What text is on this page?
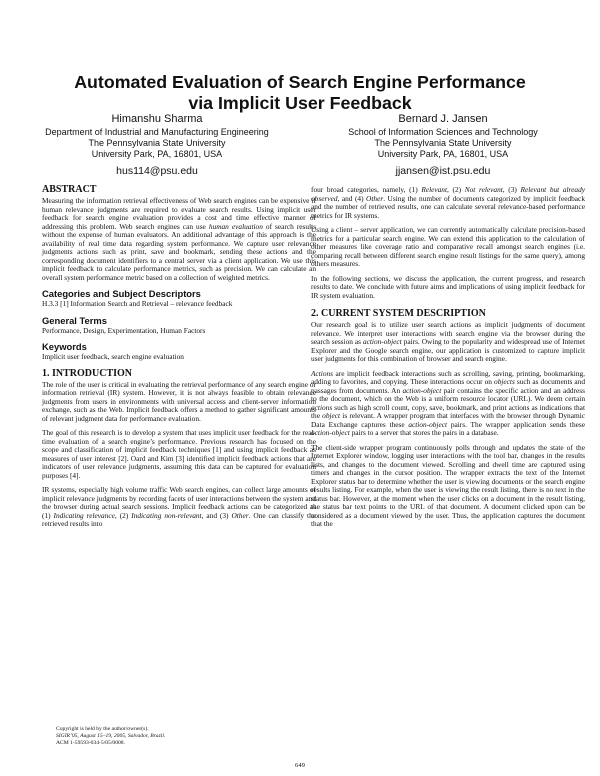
Automated Evaluation of Search Engine Performance
via Implicit User Feedback
Himanshu Sharma
Department of Industrial and Manufacturing Engineering
The Pennsylvania State University
University Park, PA, 16801, USA
hus114@psu.edu
Bernard J. Jansen
School of Information Sciences and Technology
The Pennsylvania State University
University Park, PA, 16801, USA
jjansen@ist.psu.edu
ABSTRACT

Measuring the information retrieval effectiveness of Web search engines can be expensive if human relevance judgments are required to evaluate search results. Using implicit user feedback for search engine evaluation provides a cost and time effective manner of addressing this problem. Web search engines can use human evaluation of search results without the expense of human evaluators. An additional advantage of this approach is the availability of real time data regarding system performance. We capture user relevance judgments actions such as print, save and bookmark, sending these actions and the corresponding document identifiers to a central server via a client application. We use this implicit feedback to calculate performance metrics, such as precision. We can calculate an overall system performance metric based on a collection of weighted metrics.

Categories and Subject Descriptors

H.3.3 [1] Information Search and Retrieval – relevance feedback

General Terms

Performance, Design, Experimentation, Human Factors

Keywords

Implicit user feedback, search engine evaluation

1. INTRODUCTION

The role of the user is critical in evaluating the retrieval performance of any search engine or information retrieval (IR) system. However, it is not always feasible to obtain relevance judgments from users in environments with universal access and client-server information exchange, such as the Web. Implicit feedback offers a method to gather significant amounts of relevant judgment data for performance evaluation.

The goal of this research is to develop a system that uses implicit user feedback for the real-time evaluation of a search engine’s performance. Previous research has focused on the scope and classification of implicit feedback techniques [1] and using implicit feedback as measures of user interest [2]. Oard and Kim [3] identified implicit feedback actions that are indicators of user relevance judgments, assuming this data can be captured for evaluation purposes [4].

IR systems, especially high volume traffic Web search engines, can collect large amounts of implicit relevance judgments by recording facets of user interactions between the system and the browser during actual search sessions. Implicit feedback actions can be categorized as (1) Indicating relevance, (2) Indicating non-relevant, and (3) Other. One can classify the retrieved results into

four broad categories, namely, (1) Relevant, (2) Not relevant, (3) Relevant but already observed, and (4) Other. Using the number of documents categorized by implicit feedback and the number of retrieved results, one can calculate several relevance-based performance metrics for IR systems.

Using a client – server application, we can currently automatically calculate precision-based metrics for a particular search engine. We can extend this application to the calculation of other measures like coverage ratio and comparative recall amongst search engines (i.e. comparing recall between different search engine result listings for the same query), among others measures.

In the following sections, we discuss the application, the current progress, and research results to date. We conclude with future aims and implications of using implicit feedback for IR system evaluation.

2. CURRENT SYSTEM DESCRIPTION

Our research goal is to utilize user search actions as implicit judgments of document relevance. We interpret user interactions with search engine via the browser during the search session as action-object pairs. Owing to the popularity and widespread use of Internet Explorer and the Google search engine, our application is customized to capture implicit user judgments for this combination of browser and search engine.

Actions are implicit feedback interactions such as scrolling, saving, printing, bookmarking, adding to favorites, and copying. These interactions occur on objects such as documents and passages from documents. An action-object pair contains the specific action and an address to the document, which on the Web is a uniform resource locator (URL). We deem certain actions such as high scroll count, copy, save, bookmark, and print actions as indications that the object is relevant. A wrapper program that interfaces with the browser through Dynamic Data Exchange captures these action-object pairs. The wrapper application sends these action-object pairs to a server that stores the pairs in a database.

The client-side wrapper program continuously polls through and updates the state of the Internet Explorer window, logging user interactions with the tool bar, changes in the results lists, and changes to the document viewed. Scrolling and dwell time are captured using timers and changes in the cursor position. The wrapper extracts the text of the Internet Explorer status bar to determine whether the user is viewing documents or the search engine results listing. For example, when the user is viewing the result listing, there is no text in the status bar. However, at the moment when the user clicks on a document in the result listing, the status bar text points to the URL of that document. A document clicked upon can be considered as a document viewed by the user. Thus, the application captures the document that the

Copyright is held by the author/owner(s).
SIGIR’05, August 15–19, 2005, Salvador, Brazil.
ACM 1-59593-034-5/05/0008.
649
